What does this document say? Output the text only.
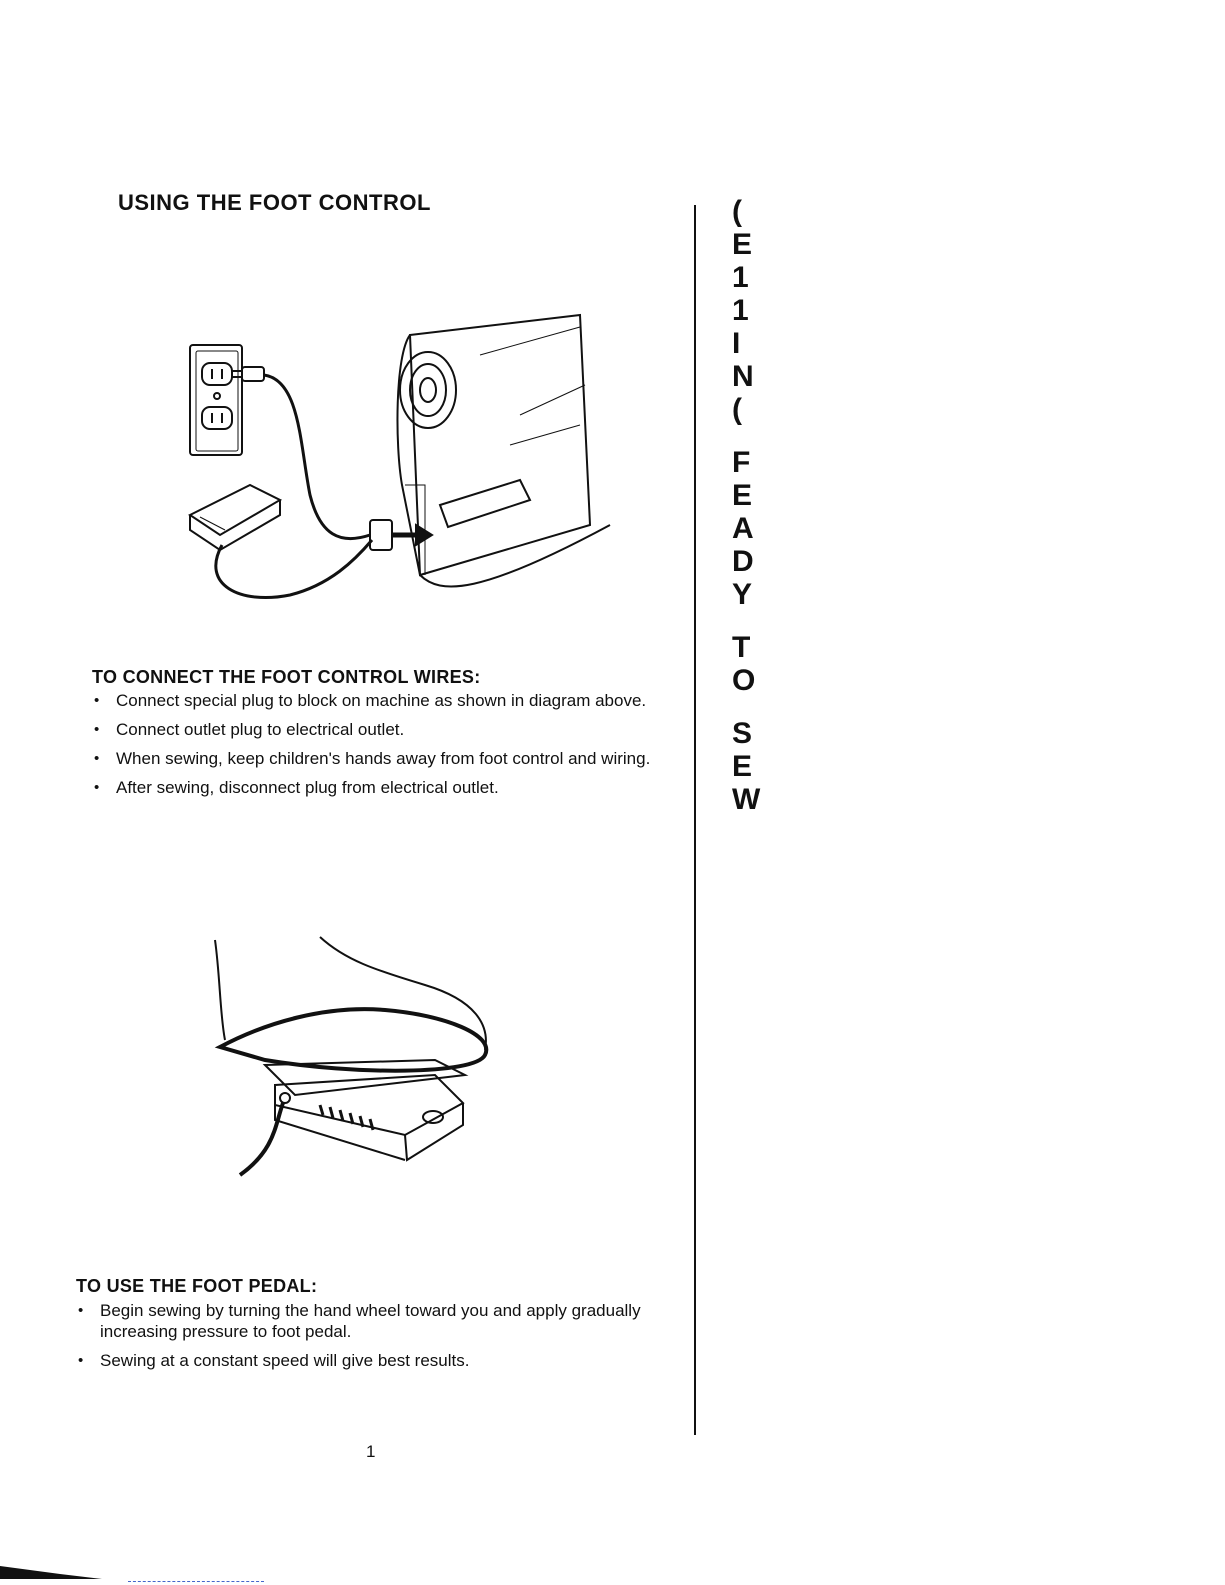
USING THE FOOT CONTROL
TO CONNECT THE FOOT CONTROL WIRES:
• Connect special plug to block on machine as shown in diagram above.
• Connect outlet plug to electrical outlet.
• When sewing, keep children's hands away from foot control and wiring.
• After sewing, disconnect plug from electrical outlet.
TO USE THE FOOT PEDAL:
• Begin sewing by turning the hand wheel toward you and apply gradually increasing pressure to foot pedal.
• Sewing at a constant speed will give best results.
(
E
1
1
I
N
(
F
E
A
D
Y
T
O
S
E
W
1
